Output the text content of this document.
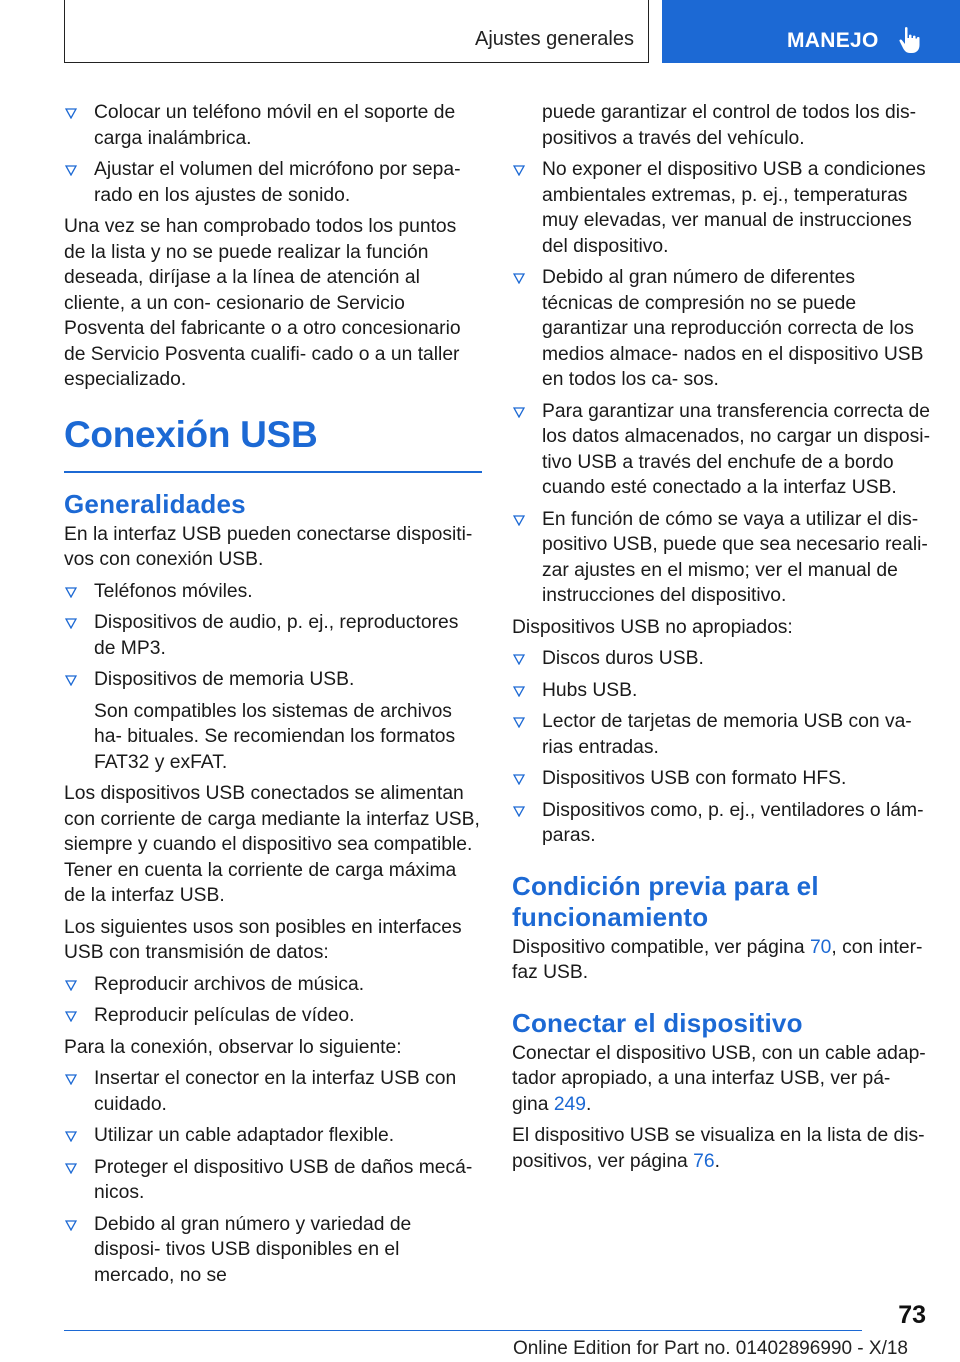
Ajustes generales	MANEJO
Colocar un teléfono móvil en el soporte de carga inalámbrica.
Ajustar el volumen del micrófono por sepa‐ rado en los ajustes de sonido.

Una vez se han comprobado todos los puntos de la lista y no se puede realizar la función deseada, diríjase a la línea de atención al cliente, a un con‐ cesionario de Servicio Posventa del fabricante o a otro concesionario de Servicio Posventa cualifi‐ cado o a un taller especializado.

Conexión USB
Generalidades

En la interfaz USB pueden conectarse dispositi‐ vos con conexión USB.

Teléfonos móviles.
Dispositivos de audio, p. ej., reproductores de MP3.
Dispositivos de memoria USB.
Son compatibles los sistemas de archivos ha‐ bituales. Se recomiendan los formatos FAT32 y exFAT.

Los dispositivos USB conectados se alimentan con corriente de carga mediante la interfaz USB, siempre y cuando el dispositivo sea compatible. Tener en cuenta la corriente de carga máxima de la interfaz USB.

Los siguientes usos son posibles en interfaces USB con transmisión de datos:

Reproducir archivos de música.
Reproducir películas de vídeo.

Para la conexión, observar lo siguiente:

Insertar el conector en la interfaz USB con cuidado.
Utilizar un cable adaptador flexible.
Proteger el dispositivo USB de daños mecá‐ nicos.
Debido al gran número y variedad de disposi‐ tivos USB disponibles en el mercado, no se
puede garantizar el control de todos los dis‐ positivos a través del vehículo.
No exponer el dispositivo USB a condiciones ambientales extremas, p. ej., temperaturas muy elevadas, ver manual de instrucciones del dispositivo.
Debido al gran número de diferentes técnicas de compresión no se puede garantizar una reproducción correcta de los medios almace‐ nados en el dispositivo USB en todos los ca‐ sos.
Para garantizar una transferencia correcta de los datos almacenados, no cargar un disposi‐ tivo USB a través del enchufe de a bordo cuando esté conectado a la interfaz USB.
En función de cómo se vaya a utilizar el dis‐ positivo USB, puede que sea necesario reali‐ zar ajustes en el mismo; ver el manual de instrucciones del dispositivo.

Dispositivos USB no apropiados:

Discos duros USB.
Hubs USB.
Lector de tarjetas de memoria USB con va‐ rias entradas.
Dispositivos USB con formato HFS.
Dispositivos como, p. ej., ventiladores o lám‐ paras.
Condición previa para el funcionamiento

Dispositivo compatible, ver página 70, con inter‐ faz USB.

Conectar el dispositivo

Conectar el dispositivo USB, con un cable adap‐ tador apropiado, a una interfaz USB, ver pá‐ gina 249.

El dispositivo USB se visualiza en la lista de dis‐ positivos, ver página 76.

73
Online Edition for Part no. 01402896990 - X/18
